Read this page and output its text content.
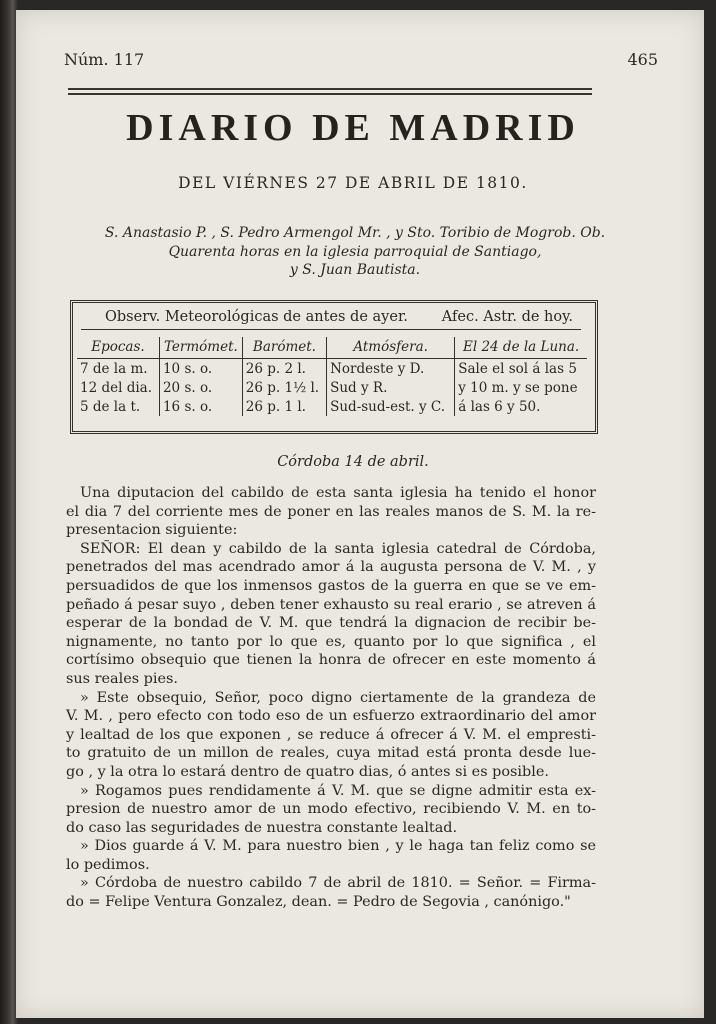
Núm. 117	465
DIARIO DE MADRID
DEL VIÉRNES 27 DE ABRIL DE 1810.
S. Anastasio P. , S. Pedro Armengol Mr. , y Sto. Toribio de Mogrob. Ob.
Quarenta horas en la iglesia parroquial de Santiago,
y S. Juan Bautista.
Observ. Meteorológicas de antes de ayer. Afec. Astr. de hoy.
Epocas.	Termómet.	Barómet.	Atmósfera.	El 24 de la Luna.
7 de la m.	10 s. o.	26 p. 2 l.	Nordeste y D.	Sale el sol á las 5
12 del dia.	20 s. o.	26 p. 1½ l.	Sud y R.	y 10 m. y se pone
5 de la t.	16 s. o.	26 p. 1 l.	Sud-sud-est. y C.	á las 6 y 50.
Córdoba 14 de abril.

Una diputacion del cabildo de esta santa iglesia ha tenido el honor
el dia 7 del corriente mes de poner en las reales manos de S. M. la re-
presentacion siguiente:

SEÑOR: El dean y cabildo de la santa iglesia catedral de Córdoba,
penetrados del mas acendrado amor á la augusta persona de V. M. , y
persuadidos de que los inmensos gastos de la guerra en que se ve em-
peñado á pesar suyo , deben tener exhausto su real erario , se atreven á
esperar de la bondad de V. M. que tendrá la dignacion de recibir be-
nignamente, no tanto por lo que es, quanto por lo que significa , el
cortísimo obsequio que tienen la honra de ofrecer en este momento á
sus reales pies.

» Este obsequio, Señor, poco digno ciertamente de la grandeza de
V. M. , pero efecto con todo eso de un esfuerzo extraordinario del amor
y lealtad de los que exponen , se reduce á ofrecer á V. M. el empresti-
to gratuito de un millon de reales, cuya mitad está pronta desde lue-
go , y la otra lo estará dentro de quatro dias, ó antes si es posible.

» Rogamos pues rendidamente á V. M. que se digne admitir esta ex-
presion de nuestro amor de un modo efectivo, recibiendo V. M. en to-
do caso las seguridades de nuestra constante lealtad.

» Dios guarde á V. M. para nuestro bien , y le haga tan feliz como se
lo pedimos.

» Córdoba de nuestro cabildo 7 de abril de 1810. = Señor. = Firma-
do = Felipe Ventura Gonzalez, dean. = Pedro de Segovia , canónigo."
